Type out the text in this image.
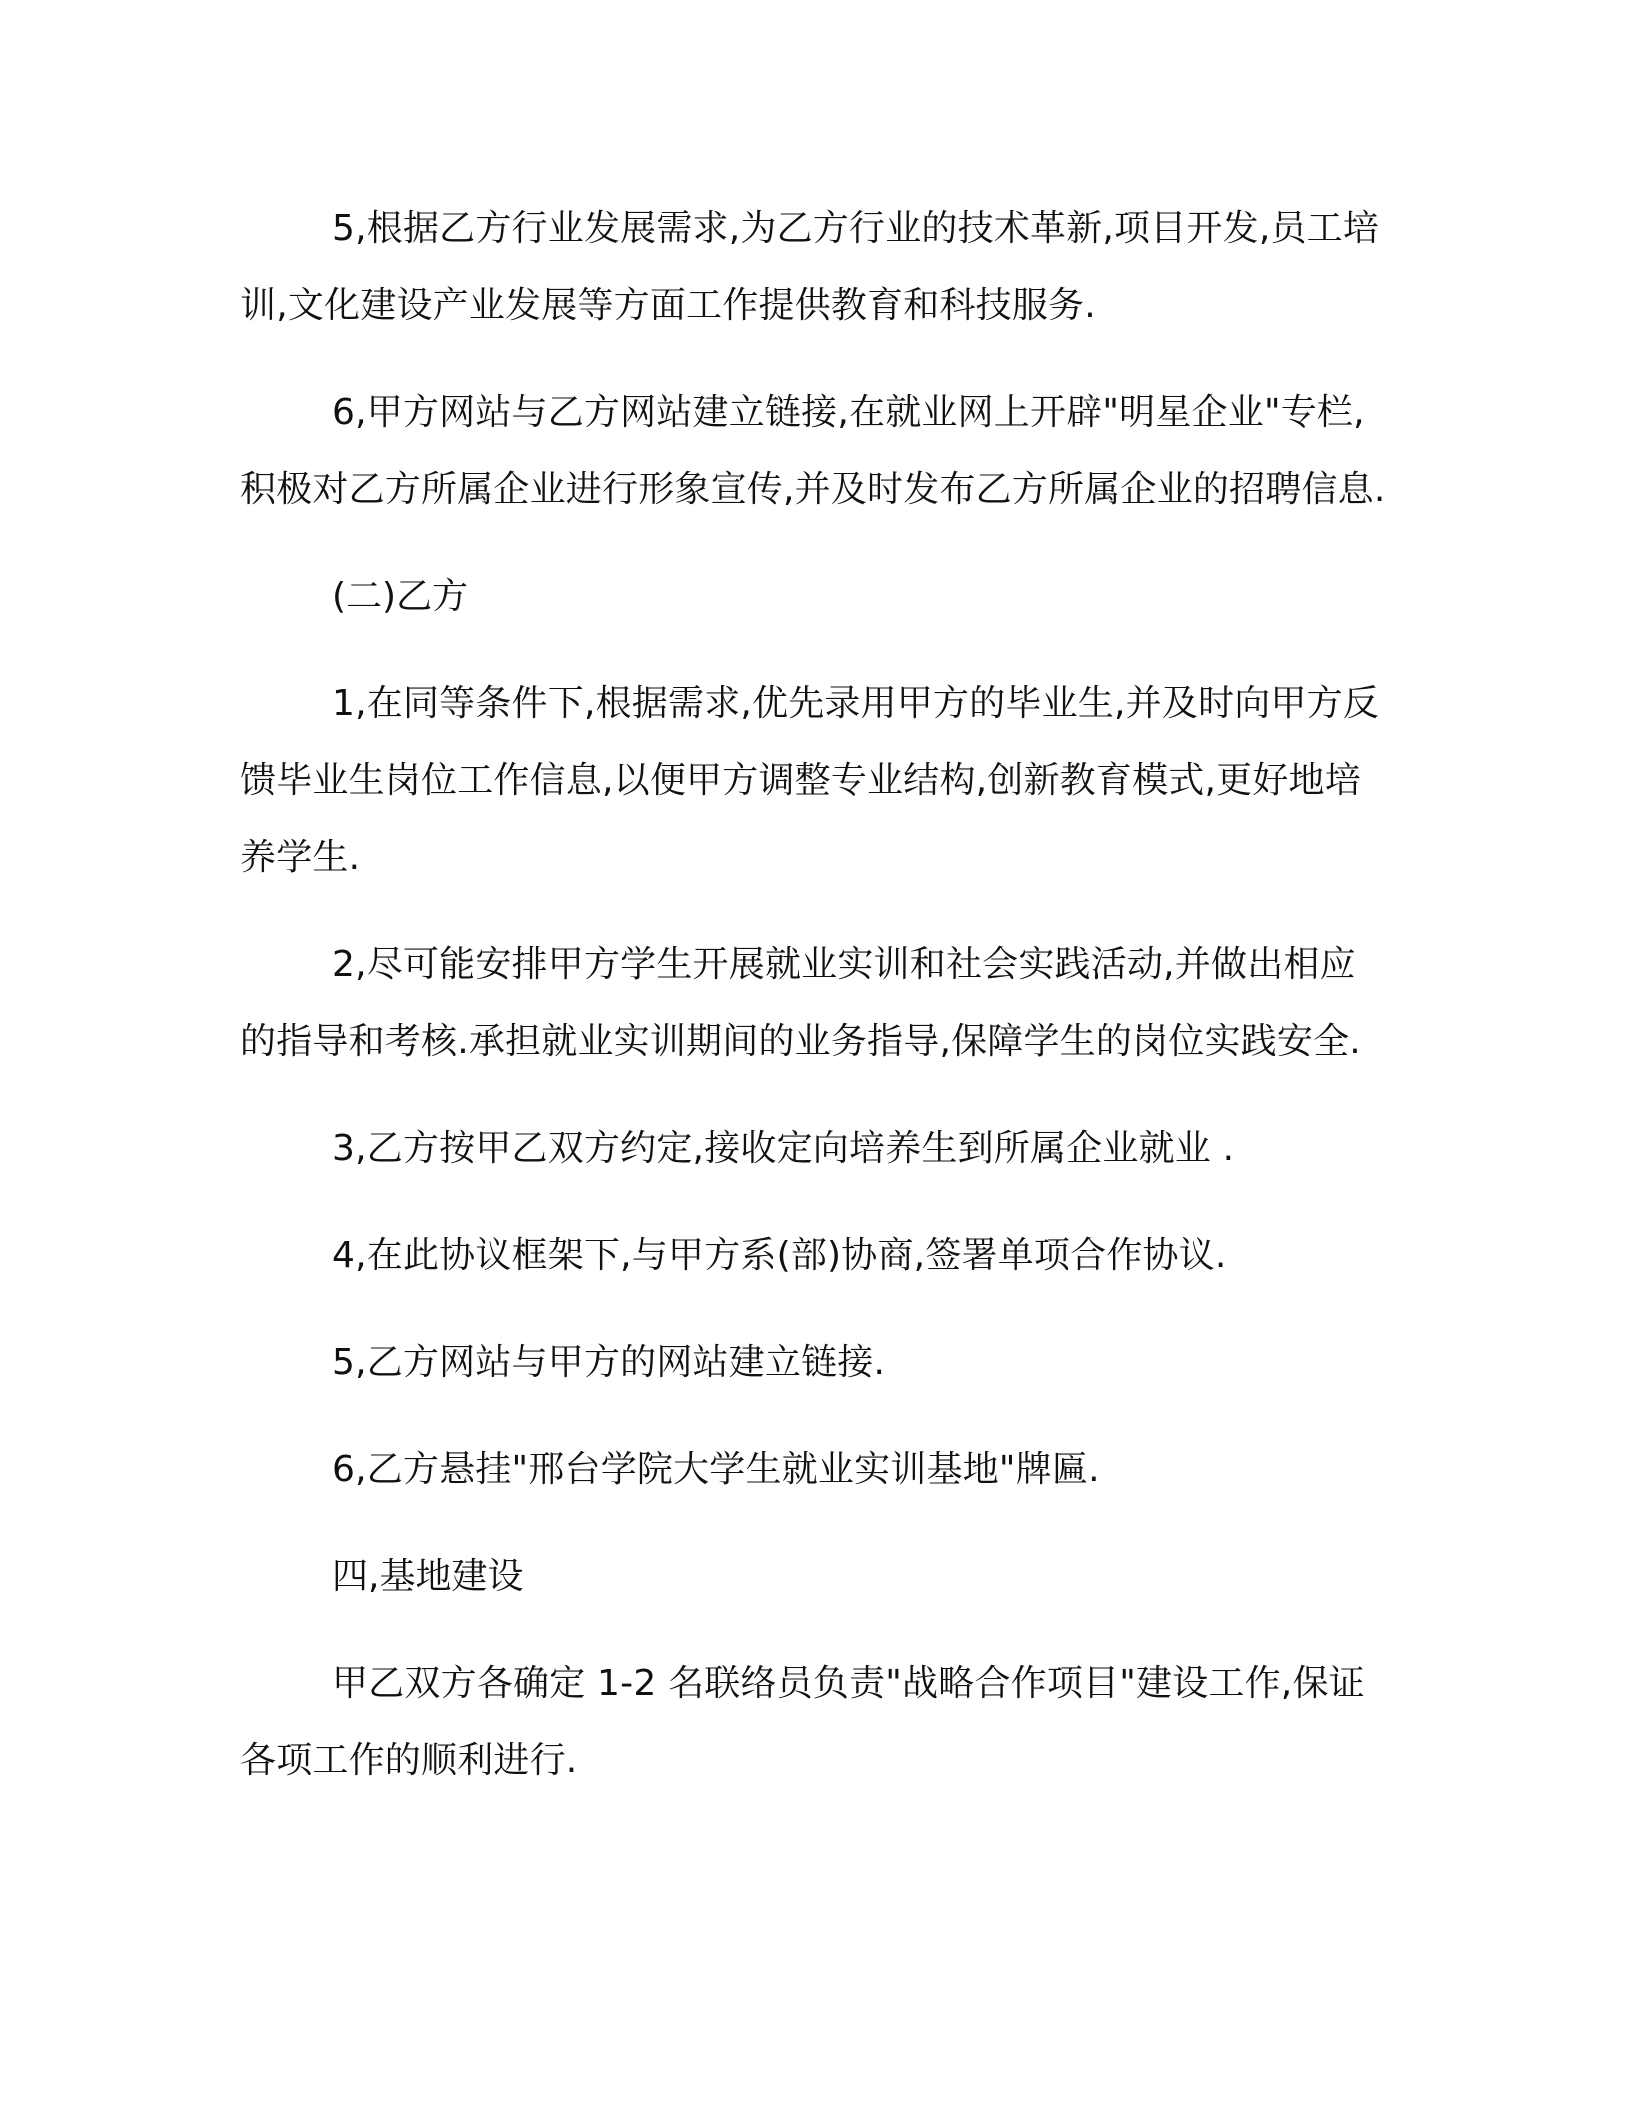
5,根据乙方行业发展需求,为乙方行业的技术革新,项目开发,员工培训,文化建设产业发展等方面工作提供教育和科技服务.

6,甲方网站与乙方网站建立链接,在就业网上开辟"明星企业"专栏,积极对乙方所属企业进行形象宣传,并及时发布乙方所属企业的招聘信息.

(二)乙方

1,在同等条件下,根据需求,优先录用甲方的毕业生,并及时向甲方反馈毕业生岗位工作信息,以便甲方调整专业结构,创新教育模式,更好地培养学生.

2,尽可能安排甲方学生开展就业实训和社会实践活动,并做出相应的指导和考核.承担就业实训期间的业务指导,保障学生的岗位实践安全.

3,乙方按甲乙双方约定,接收定向培养生到所属企业就业 .

4,在此协议框架下,与甲方系(部)协商,签署单项合作协议.

5,乙方网站与甲方的网站建立链接.

6,乙方悬挂"邢台学院大学生就业实训基地"牌匾.

四,基地建设

甲乙双方各确定 1-2 名联络员负责"战略合作项目"建设工作,保证各项工作的顺利进行.
